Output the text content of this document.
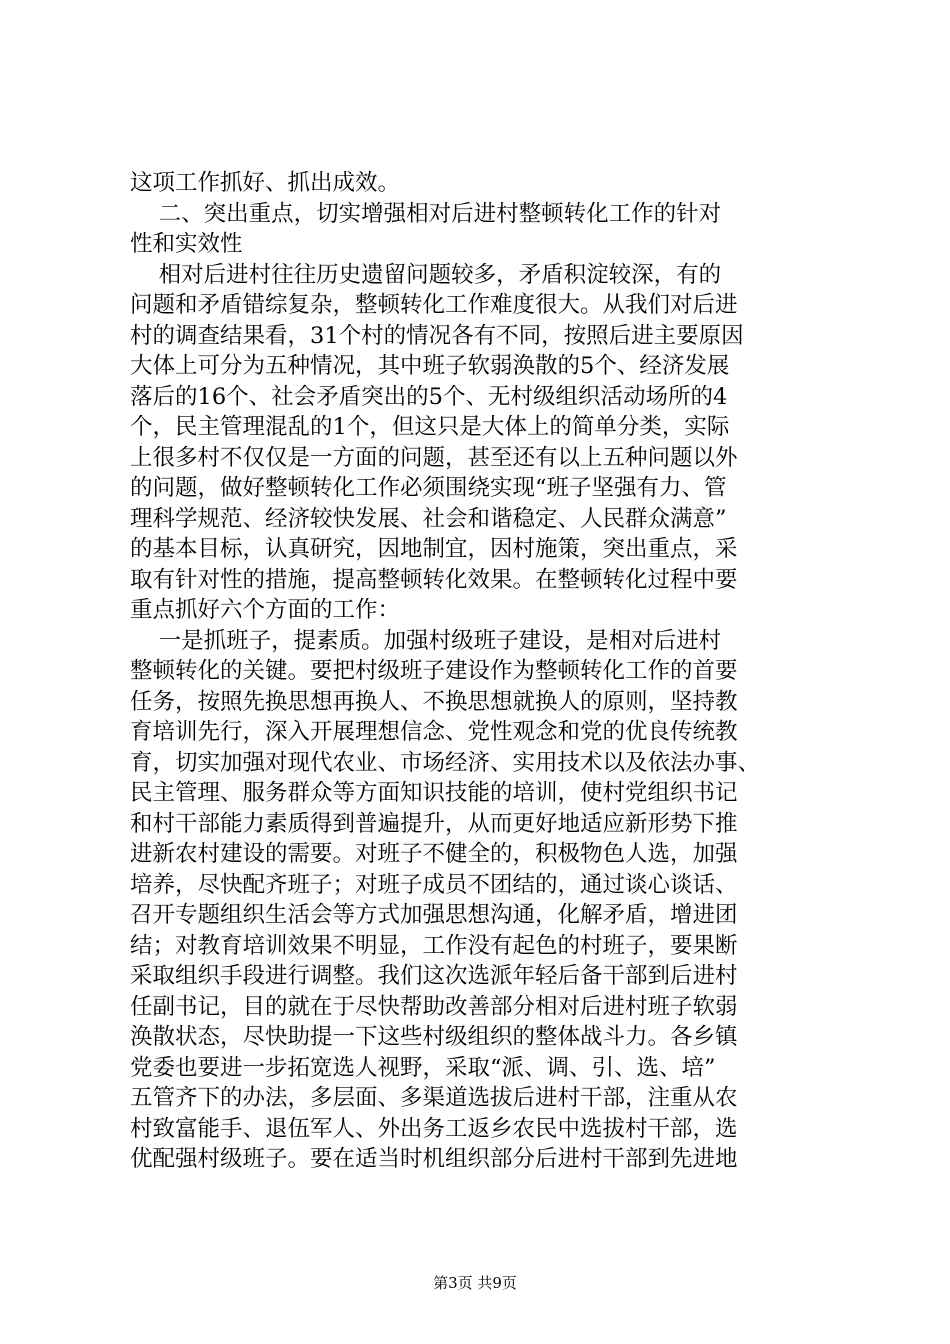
这项工作抓好、抓出成效。
二、突出重点，切实增强相对后进村整顿转化工作的针对
性和实效性
相对后进村往往历史遗留问题较多，矛盾积淀较深，有的
问题和矛盾错综复杂，整顿转化工作难度很大。从我们对后进
村的调查结果看，31个村的情况各有不同，按照后进主要原因
大体上可分为五种情况，其中班子软弱涣散的5个、经济发展
落后的16个、社会矛盾突出的5个、无村级组织活动场所的4
个，民主管理混乱的1个，但这只是大体上的简单分类，实际
上很多村不仅仅是一方面的问题，甚至还有以上五种问题以外
的问题，做好整顿转化工作必须围绕实现“班子坚强有力、管
理科学规范、经济较快发展、社会和谐稳定、人民群众满意”
的基本目标，认真研究，因地制宜，因村施策，突出重点，采
取有针对性的措施，提高整顿转化效果。在整顿转化过程中要
重点抓好六个方面的工作：
一是抓班子，提素质。加强村级班子建设，是相对后进村
整顿转化的关键。要把村级班子建设作为整顿转化工作的首要
任务，按照先换思想再换人、不换思想就换人的原则，坚持教
育培训先行，深入开展理想信念、党性观念和党的优良传统教
育，切实加强对现代农业、市场经济、实用技术以及依法办事、
民主管理、服务群众等方面知识技能的培训，使村党组织书记
和村干部能力素质得到普遍提升，从而更好地适应新形势下推
进新农村建设的需要。对班子不健全的，积极物色人选，加强
培养，尽快配齐班子；对班子成员不团结的，通过谈心谈话、
召开专题组织生活会等方式加强思想沟通，化解矛盾，增进团
结；对教育培训效果不明显，工作没有起色的村班子，要果断
采取组织手段进行调整。我们这次选派年轻后备干部到后进村
任副书记，目的就在于尽快帮助改善部分相对后进村班子软弱
涣散状态，尽快助提一下这些村级组织的整体战斗力。各乡镇
党委也要进一步拓宽选人视野，采取“派、调、引、选、培”
五管齐下的办法，多层面、多渠道选拔后进村干部，注重从农
村致富能手、退伍军人、外出务工返乡农民中选拔村干部，选
优配强村级班子。要在适当时机组织部分后进村干部到先进地
第3页 共9页
